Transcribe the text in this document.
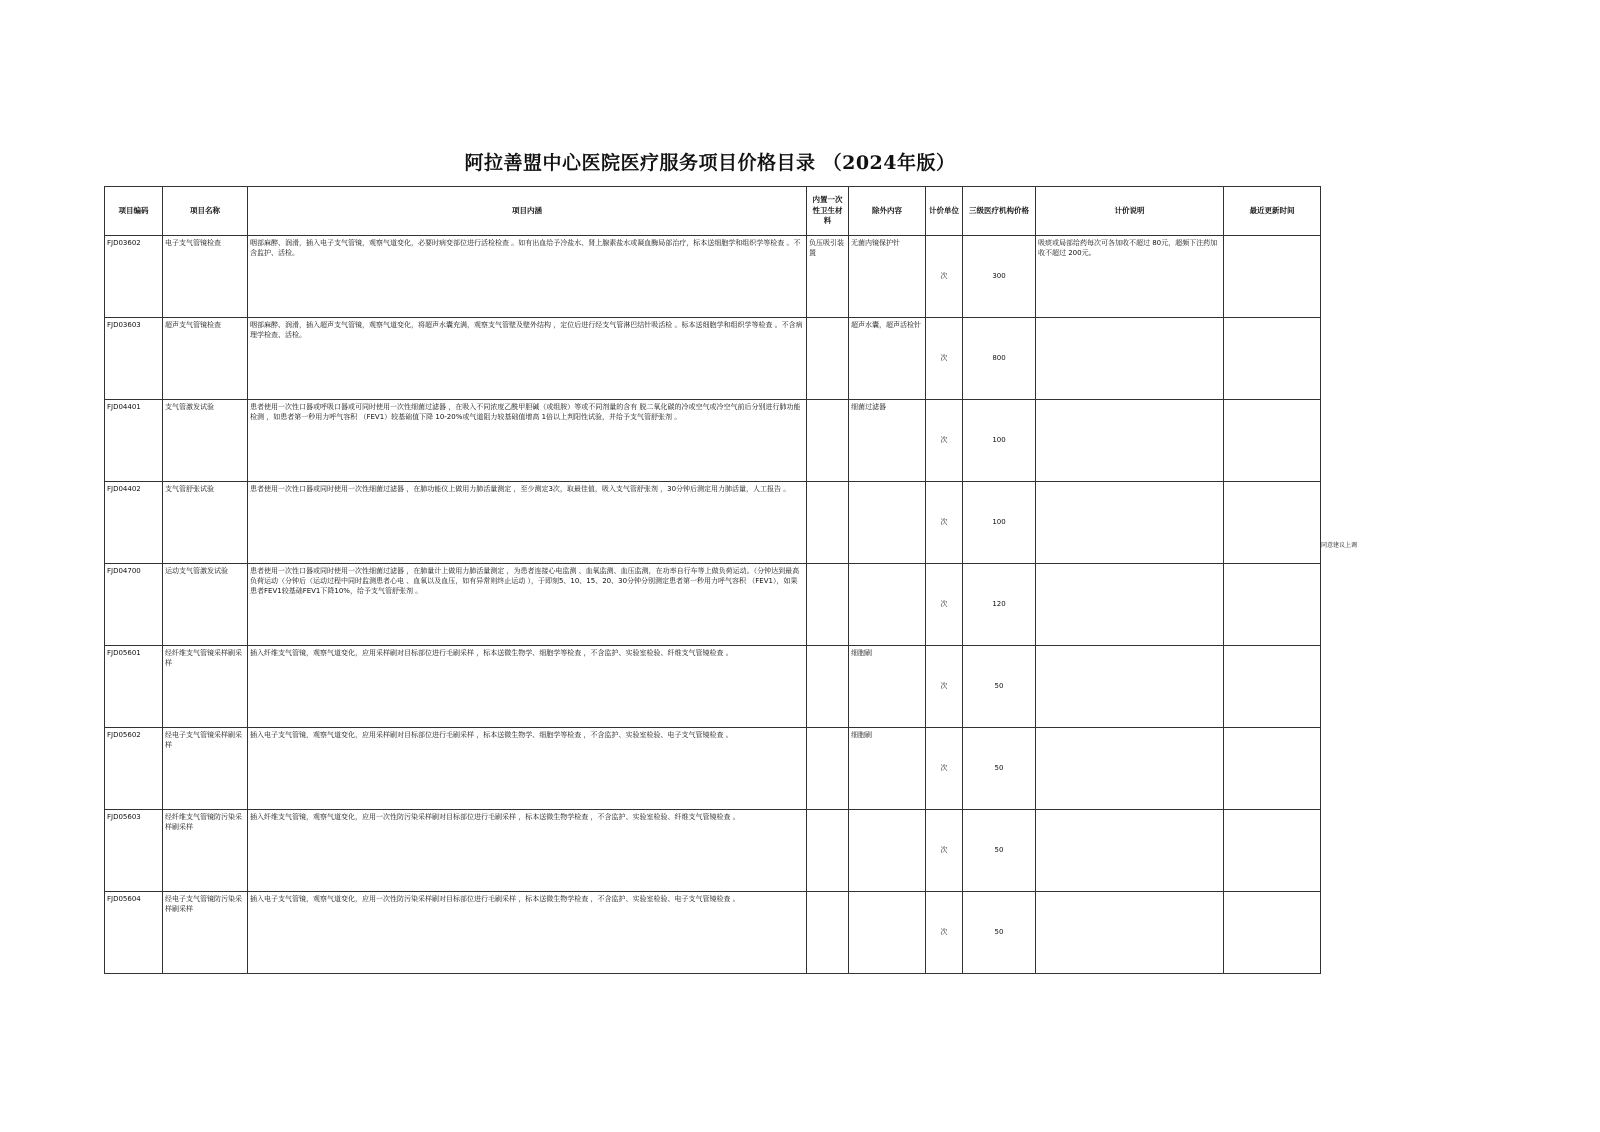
阿拉善盟中心医院医疗服务项目价格目录 （2024年版）
项目编码	项目名称	项目内涵	内置一次性卫生材料	除外内容	计价单位	三级医疗机构价格	计价说明	最近更新时间
FJD03602	电子支气管镜检查	咽部麻醉、润滑，插入电子支气管镜，观察气道变化，必要时病变部位进行活检检查 。如有出血给予冷盐水、肾上腺素盐水或凝血酶局部治疗，标本送细胞学和组织学等检查 。不含监护、活检。	负压吸引装置	无菌内镜保护针	次	300	吸痰或局部给药每次可各加收不超过 80元，超频下注药加收不超过 200元。	
FJD03603	超声支气管镜检查	咽部麻醉、润滑，插入超声支气管镜，观察气道变化，将超声水囊充满，观察支气管壁及壁外结构 ，定位后进行经支气管淋巴结针吸活检 。标本送细胞学和组织学等检查 。不含病理学检查、活检。		超声水囊，超声活检针	次	800		
FJD04401	支气管激发试验	患者使用一次性口器或呼吸口器或可同时使用一次性细菌过滤器 ，在吸入不同浓度乙酰甲胆碱（或组胺）等或不同剂量的含有 脱二氧化碳的冷或空气或冷空气前后分别进行肺功能检测 ，如患者第一秒用力呼气容积 （FEV1）较基础值下降 10-20%或气道阻力较基础值增高 1倍以上判阳性试验，并给予支气管舒张剂 。		细菌过滤器	次	100		
FJD04402	支气管舒张试验	患者使用一次性口器或同时使用一次性细菌过滤器 ，在肺功能仪上做用力肺活量测定 ，至少测定3次，取最佳值，吸入支气管舒张剂 ，30分钟后测定用力肺活量，人工报告 。			次	100		
FJD04700	运动支气管激发试验	患者使用一次性口器或同时使用一次性细菌过滤器 ，在肺量计上做用力肺活量测定 ，为患者连接心电监测 、血氧监测、血压监测，在功率自行车等上做负荷运动。（分钟达到最高负荷运动（分钟后（运动过程中同时监测患者心电 、血氧以及血压，如有异常则终止运动 ），于即刻5、10、15、20、30分钟分别测定患者第一秒用力呼气容积 （FEV1），如果患者FEV1较基础FEV1下降10%，给予支气管舒张剂 。			次	120		
FJD05601	经纤维支气管镜采样刷采样	插入纤维支气管镜，观察气道变化，应用采样刷对目标部位进行毛刷采样 ，标本送微生物学、细胞学等检查 ，不含监护、实验室检验、纤维支气管镜检查 。		细胞刷	次	50		
FJD05602	经电子支气管镜采样刷采样	插入电子支气管镜，观察气道变化，应用采样刷对目标部位进行毛刷采样 ，标本送微生物学、细胞学等检查 ，不含监护、实验室检验、电子支气管镜检查 。		细胞刷	次	50		
FJD05603	经纤维支气管镜防污染采样刷采样	插入纤维支气管镜，观察气道变化，应用一次性防污染采样刷对目标部位进行毛刷采样 ，标本送微生物学检查 ，不含监护、实验室检验、纤维支气管镜检查 。			次	50		
FJD05604	经电子支气管镜防污染采样刷采样	插入电子支气管镜，观察气道变化，应用一次性防污染采样刷对目标部位进行毛刷采样 ，标本送微生物学检查 ，不含监护、实验室检验、电子支气管镜检查 。			次	50		
同意建议上调
